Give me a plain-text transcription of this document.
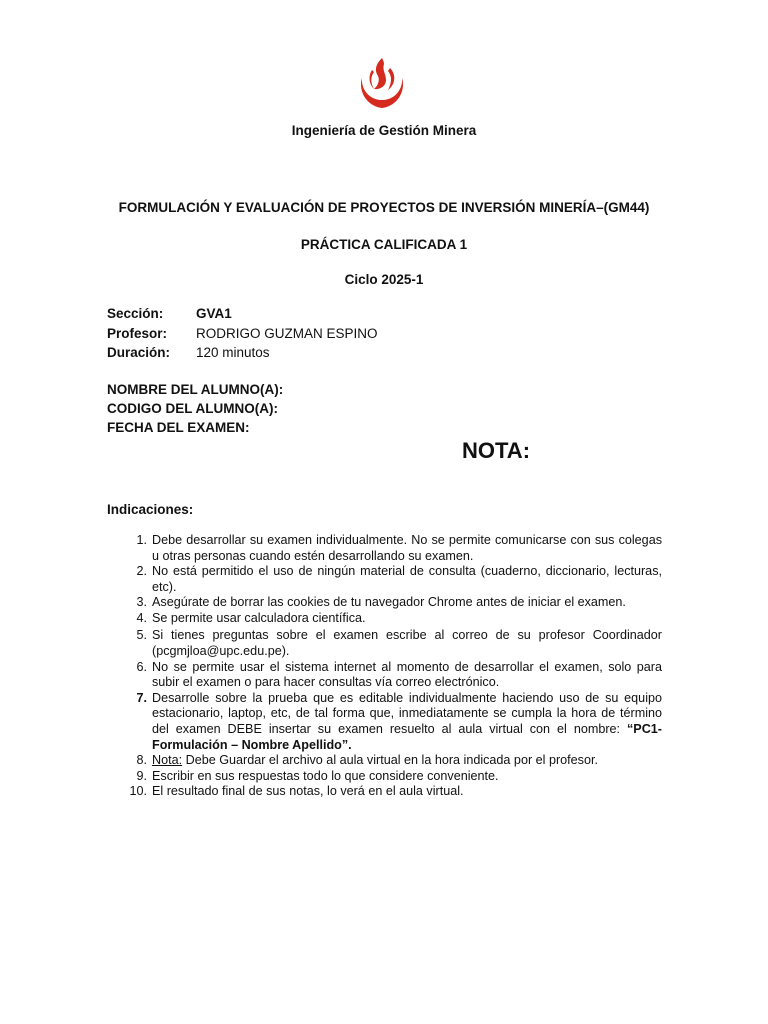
Ingeniería de Gestión Minera
FORMULACIÓN Y EVALUACIÓN DE PROYECTOS DE INVERSIÓN MINERÍA–(GM44)
PRÁCTICA CALIFICADA 1
Ciclo 2025-1
Sección: GVA1
Profesor: RODRIGO GUZMAN ESPINO
Duración: 120 minutos
NOMBRE DEL ALUMNO(A):
CODIGO DEL ALUMNO(A):
FECHA DEL EXAMEN:
NOTA:
Indicaciones:
1. Debe desarrollar su examen individualmente. No se permite comunicarse con sus colegas u otras personas cuando estén desarrollando su examen.
2. No está permitido el uso de ningún material de consulta (cuaderno, diccionario, lecturas, etc).
3. Asegúrate de borrar las cookies de tu navegador Chrome antes de iniciar el examen.
4. Se permite usar calculadora científica.
5. Si tienes preguntas sobre el examen escribe al correo de su profesor Coordinador (pcgmjloa@upc.edu.pe).
6. No se permite usar el sistema internet al momento de desarrollar el examen, solo para subir el examen o para hacer consultas vía correo electrónico.
7. Desarrolle sobre la prueba que es editable individualmente haciendo uso de su equipo estacionario, laptop, etc, de tal forma que, inmediatamente se cumpla la hora de término del examen DEBE insertar su examen resuelto al aula virtual con el nombre: “PC1-Formulación – Nombre Apellido”.
8. Nota: Debe Guardar el archivo al aula virtual en la hora indicada por el profesor.
9. Escribir en sus respuestas todo lo que considere conveniente.
10. El resultado final de sus notas, lo verá en el aula virtual.
